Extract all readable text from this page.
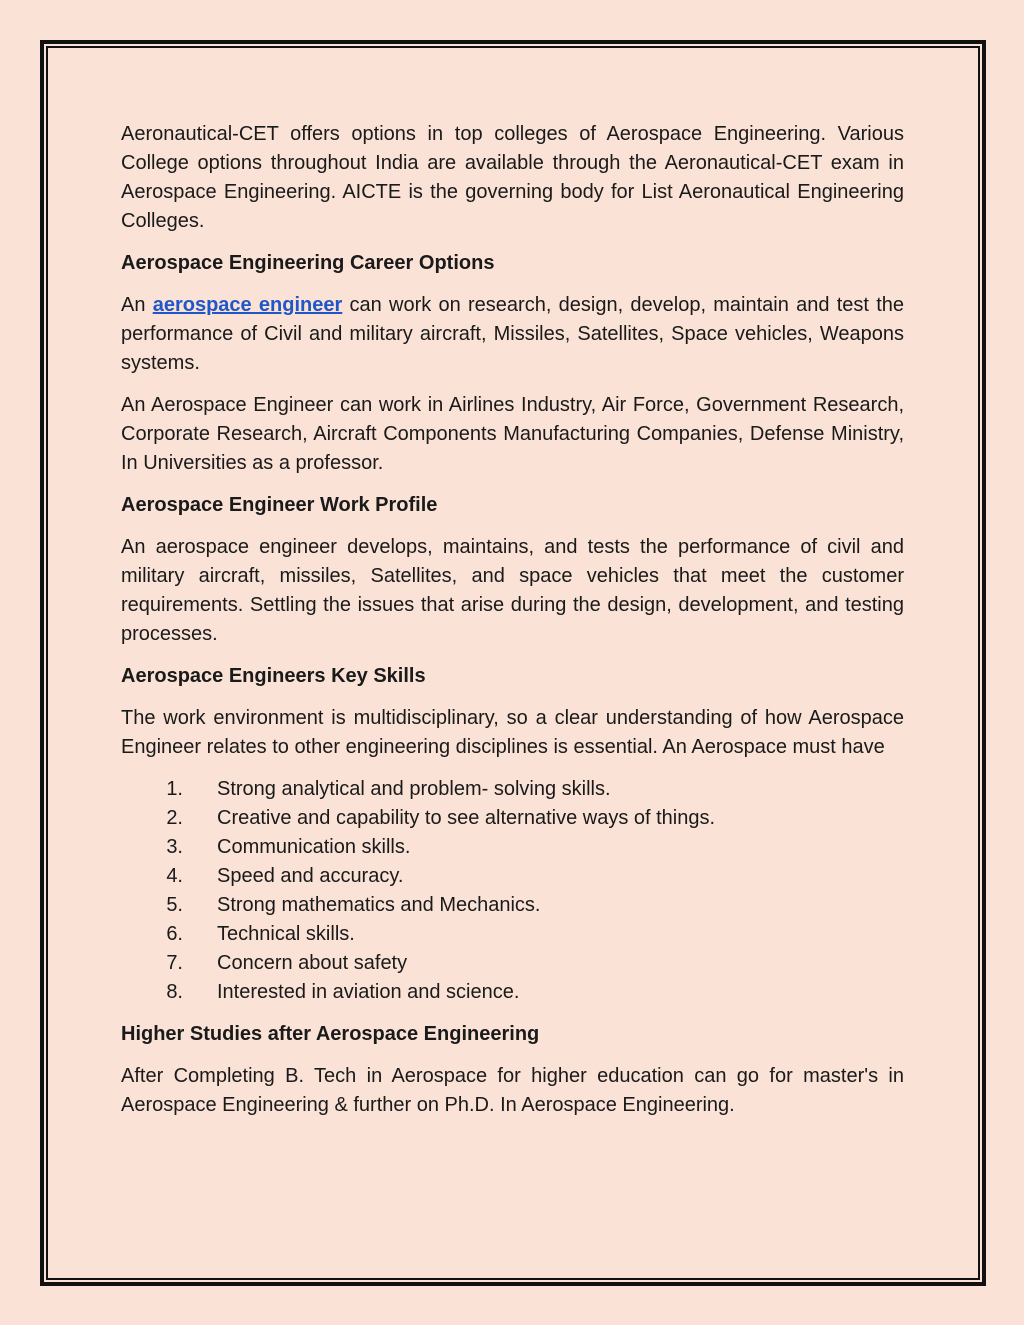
Aeronautical-CET offers options in top colleges of Aerospace Engineering. Various College options throughout India are available through the Aeronautical-CET exam in Aerospace Engineering. AICTE is the governing body for List Aeronautical Engineering Colleges.

Aerospace Engineering Career Options

An aerospace engineer can work on research, design, develop, maintain and test the performance of Civil and military aircraft, Missiles, Satellites, Space vehicles, Weapons systems.

An Aerospace Engineer can work in Airlines Industry, Air Force, Government Research, Corporate Research, Aircraft Components Manufacturing Companies, Defense Ministry, In Universities as a professor.

Aerospace Engineer Work Profile

An aerospace engineer develops, maintains, and tests the performance of civil and military aircraft, missiles, Satellites, and space vehicles that meet the customer requirements. Settling the issues that arise during the design, development, and testing processes.

Aerospace Engineers Key Skills

The work environment is multidisciplinary, so a clear understanding of how Aerospace Engineer relates to other engineering disciplines is essential. An Aerospace must have

1. Strong analytical and problem- solving skills.
2. Creative and capability to see alternative ways of things.
3. Communication skills.
4. Speed and accuracy.
5. Strong mathematics and Mechanics.
6. Technical skills.
7. Concern about safety
8. Interested in aviation and science.
Higher Studies after Aerospace Engineering

After Completing B. Tech in Aerospace for higher education can go for master's in Aerospace Engineering & further on Ph.D. In Aerospace Engineering.
